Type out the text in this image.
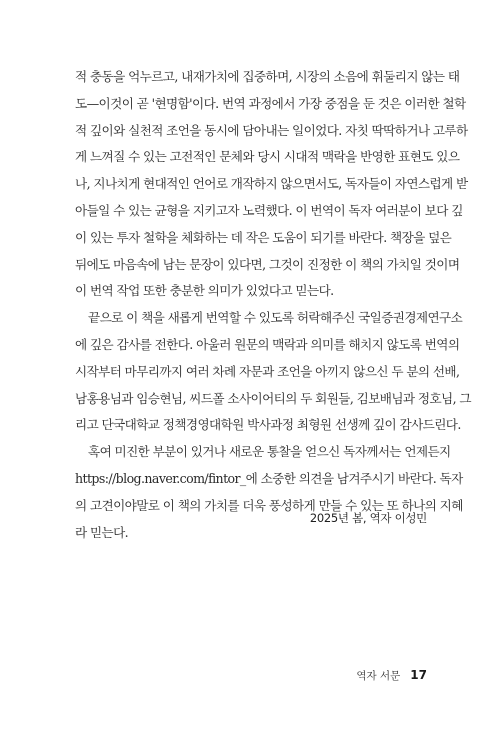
적 충동을 억누르고, 내재가치에 집중하며, 시장의 소음에 휘둘리지 않는 태
도—이것이 곧 '현명함'이다. 번역 과정에서 가장 중점을 둔 것은 이러한 철학
적 깊이와 실천적 조언을 동시에 담아내는 일이었다. 자칫 딱딱하거나 고루하
게 느껴질 수 있는 고전적인 문체와 당시 시대적 맥락을 반영한 표현도 있으
나, 지나치게 현대적인 언어로 개작하지 않으면서도, 독자들이 자연스럽게 받
아들일 수 있는 균형을 지키고자 노력했다. 이 번역이 독자 여러분이 보다 깊
이 있는 투자 철학을 체화하는 데 작은 도움이 되기를 바란다. 책장을 덮은
뒤에도 마음속에 남는 문장이 있다면, 그것이 진정한 이 책의 가치일 것이며
이 번역 작업 또한 충분한 의미가 있었다고 믿는다.
끝으로 이 책을 새롭게 번역할 수 있도록 허락해주신 국일증권경제연구소
에 깊은 감사를 전한다. 아울러 원문의 맥락과 의미를 해치지 않도록 번역의
시작부터 마무리까지 여러 차례 자문과 조언을 아끼지 않으신 두 분의 선배,
남홍용님과 임승현님, 씨드폴 소사이어티의 두 회원들, 김보배님과 정호님, 그
리고 단국대학교 정책경영대학원 박사과정 최형원 선생께 깊이 감사드린다.
혹여 미진한 부분이 있거나 새로운 통찰을 얻으신 독자께서는 언제든지
https://blog.naver.com/fintor_에 소중한 의견을 남겨주시기 바란다. 독자
의 고견이야말로 이 책의 가치를 더욱 풍성하게 만들 수 있는 또 하나의 지혜
라 믿는다.
2025년 봄, 역자 이성민
역자 서문 17
